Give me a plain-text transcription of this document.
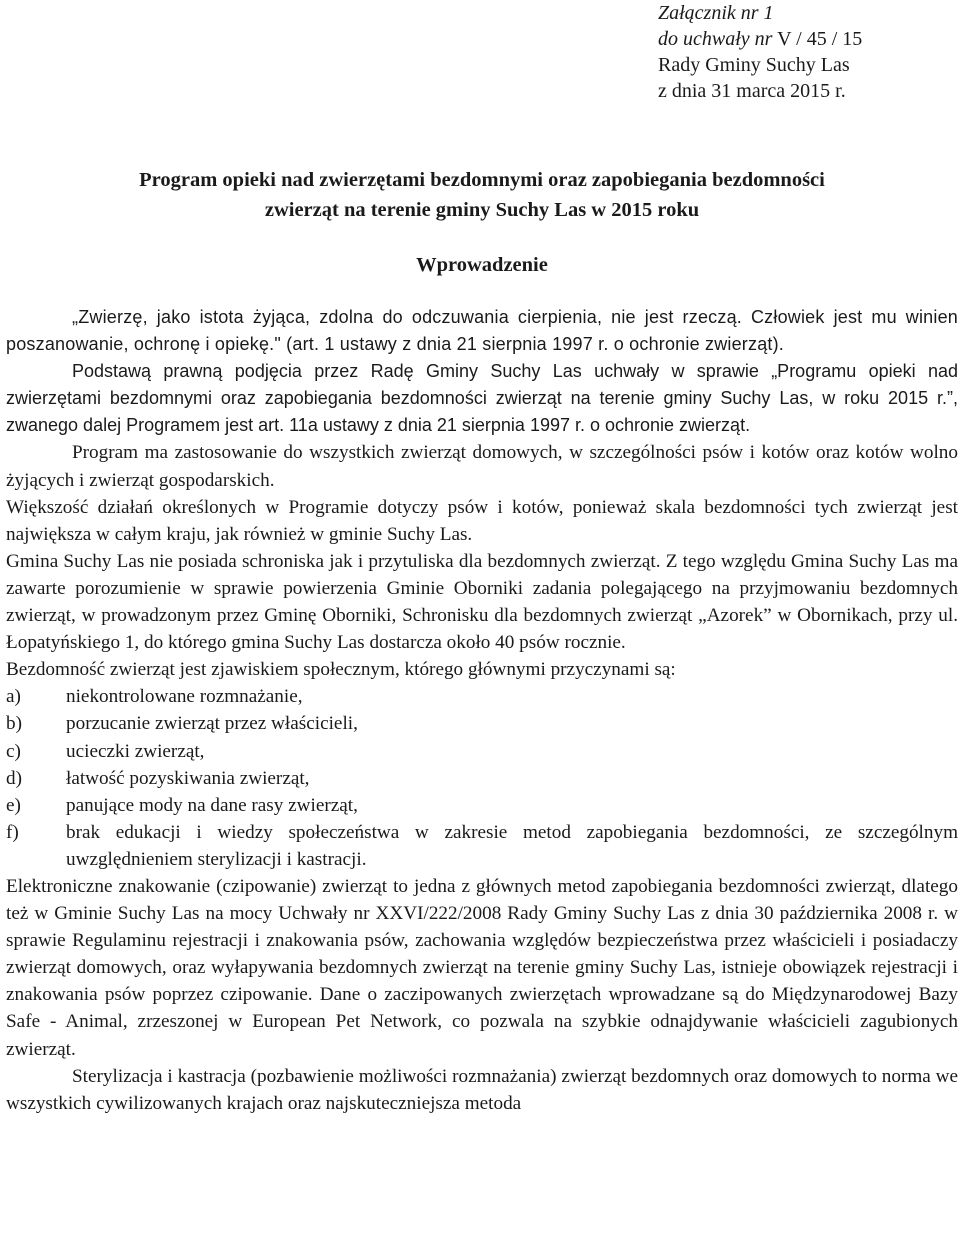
Załącznik nr 1
do uchwały nr V / 45 / 15
Rady Gminy Suchy Las
z dnia 31 marca 2015 r.
Program opieki nad zwierzętami bezdomnymi oraz zapobiegania bezdomności
zwierząt na terenie gminy Suchy Las w 2015 roku
Wprowadzenie

„Zwierzę, jako istota żyjąca, zdolna do odczuwania cierpienia, nie jest rzeczą. Człowiek jest mu winien poszanowanie, ochronę i opiekę." (art. 1 ustawy z dnia 21 sierpnia 1997 r. o ochronie zwierząt).

Podstawą prawną podjęcia przez Radę Gminy Suchy Las uchwały w sprawie „Programu opieki nad zwierzętami bezdomnymi oraz zapobiegania bezdomności zwierząt na terenie gminy Suchy Las, w roku 2015 r.”, zwanego dalej Programem jest art. 11a ustawy z dnia 21 sierpnia 1997 r. o ochronie zwierząt.

Program ma zastosowanie do wszystkich zwierząt domowych, w szczególności psów i kotów oraz kotów wolno żyjących i zwierząt gospodarskich.

Większość działań określonych w Programie dotyczy psów i kotów, ponieważ skala bezdomności tych zwierząt jest największa w całym kraju, jak również w gminie Suchy Las.

Gmina Suchy Las nie posiada schroniska jak i przytuliska dla bezdomnych zwierząt. Z tego względu Gmina Suchy Las ma zawarte porozumienie w sprawie powierzenia Gminie Oborniki zadania polegającego na przyjmowaniu bezdomnych zwierząt, w prowadzonym przez Gminę Oborniki, Schronisku dla bezdomnych zwierząt „Azorek” w Obornikach, przy ul. Łopatyńskiego 1, do którego gmina Suchy Las dostarcza około 40 psów rocznie.

Bezdomność zwierząt jest zjawiskiem społecznym, którego głównymi przyczynami są:

a)	niekontrolowane rozmnażanie,
b)	porzucanie zwierząt przez właścicieli,
c)	ucieczki zwierząt,
d)	łatwość pozyskiwania zwierząt,
e)	panujące mody na dane rasy zwierząt,
f)	brak edukacji i wiedzy społeczeństwa w zakresie metod zapobiegania bezdomności, ze szczególnym uwzględnieniem sterylizacji i kastracji.

Elektroniczne znakowanie (czipowanie) zwierząt to jedna z głównych metod zapobiegania bezdomności zwierząt, dlatego też w Gminie Suchy Las na mocy Uchwały nr XXVI/222/2008 Rady Gminy Suchy Las z dnia 30 października 2008 r. w sprawie Regulaminu rejestracji i znakowania psów, zachowania względów bezpieczeństwa przez właścicieli i posiadaczy zwierząt domowych, oraz wyłapywania bezdomnych zwierząt na terenie gminy Suchy Las, istnieje obowiązek rejestracji i znakowania psów poprzez czipowanie. Dane o zaczipowanych zwierzętach wprowadzane są do Międzynarodowej Bazy Safe - Animal, zrzeszonej w European Pet Network, co pozwala na szybkie odnajdywanie właścicieli zagubionych zwierząt.

Sterylizacja i kastracja (pozbawienie możliwości rozmnażania) zwierząt bezdomnych oraz domowych to norma we wszystkich cywilizowanych krajach oraz najskuteczniejsza metoda
